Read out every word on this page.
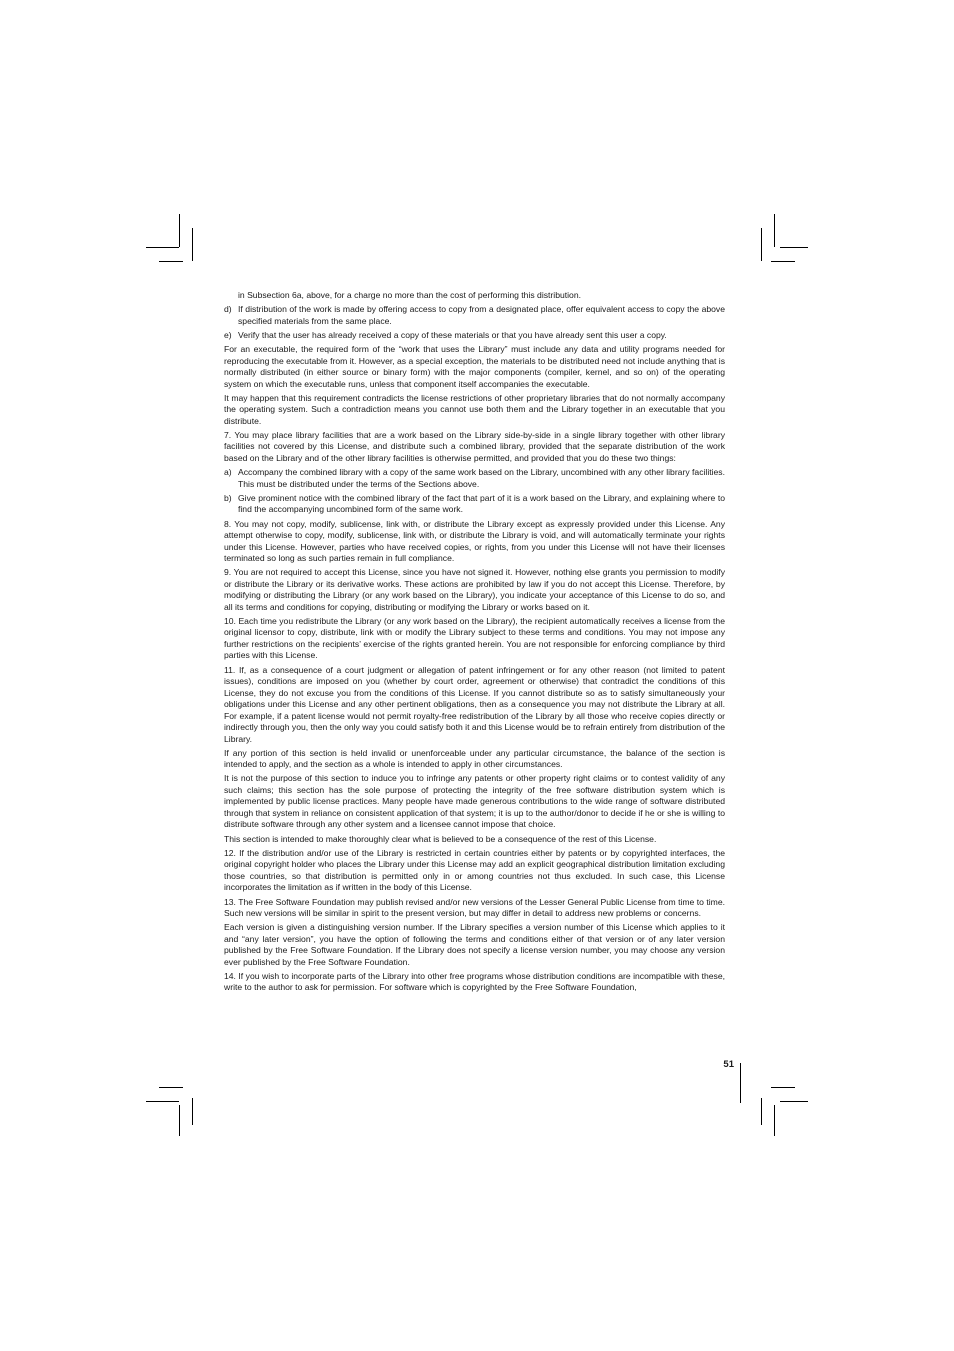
in Subsection 6a, above, for a charge no more than the cost of performing this distribution.

d) If distribution of the work is made by offering access to copy from a designated place, offer equivalent access to copy the above specified materials from the same place.
e) Verify that the user has already received a copy of these materials or that you have already sent this user a copy.

For an executable, the required form of the “work that uses the Library” must include any data and utility programs needed for reproducing the executable from it. However, as a special exception, the materials to be distributed need not include anything that is normally distributed (in either source or binary form) with the major components (compiler, kernel, and so on) of the operating system on which the executable runs, unless that component itself accompanies the executable.

It may happen that this requirement contradicts the license restrictions of other proprietary libraries that do not normally accompany the operating system. Such a contradiction means you cannot use both them and the Library together in an executable that you distribute.

7. You may place library facilities that are a work based on the Library side-by-side in a single library together with other library facilities not covered by this License, and distribute such a combined library, provided that the separate distribution of the work based on the Library and of the other library facilities is otherwise permitted, and provided that you do these two things:

a) Accompany the combined library with a copy of the same work based on the Library, uncombined with any other library facilities. This must be distributed under the terms of the Sections above.
b) Give prominent notice with the combined library of the fact that part of it is a work based on the Library, and explaining where to find the accompanying uncombined form of the same work.

8. You may not copy, modify, sublicense, link with, or distribute the Library except as expressly provided under this License. Any attempt otherwise to copy, modify, sublicense, link with, or distribute the Library is void, and will automatically terminate your rights under this License. However, parties who have received copies, or rights, from you under this License will not have their licenses terminated so long as such parties remain in full compliance.

9. You are not required to accept this License, since you have not signed it. However, nothing else grants you permission to modify or distribute the Library or its derivative works. These actions are prohibited by law if you do not accept this License. Therefore, by modifying or distributing the Library (or any work based on the Library), you indicate your acceptance of this License to do so, and all its terms and conditions for copying, distributing or modifying the Library or works based on it.

10. Each time you redistribute the Library (or any work based on the Library), the recipient automatically receives a license from the original licensor to copy, distribute, link with or modify the Library subject to these terms and conditions. You may not impose any further restrictions on the recipients’ exercise of the rights granted herein. You are not responsible for enforcing compliance by third parties with this License.

11. If, as a consequence of a court judgment or allegation of patent infringement or for any other reason (not limited to patent issues), conditions are imposed on you (whether by court order, agreement or otherwise) that contradict the conditions of this License, they do not excuse you from the conditions of this License. If you cannot distribute so as to satisfy simultaneously your obligations under this License and any other pertinent obligations, then as a consequence you may not distribute the Library at all. For example, if a patent license would not permit royalty-free redistribution of the Library by all those who receive copies directly or indirectly through you, then the only way you could satisfy both it and this License would be to refrain entirely from distribution of the Library.

If any portion of this section is held invalid or unenforceable under any particular circumstance, the balance of the section is intended to apply, and the section as a whole is intended to apply in other circumstances.

It is not the purpose of this section to induce you to infringe any patents or other property right claims or to contest validity of any such claims; this section has the sole purpose of protecting the integrity of the free software distribution system which is implemented by public license practices. Many people have made generous contributions to the wide range of software distributed through that system in reliance on consistent application of that system; it is up to the author/donor to decide if he or she is willing to distribute software through any other system and a licensee cannot impose that choice.

This section is intended to make thoroughly clear what is believed to be a consequence of the rest of this License.

12. If the distribution and/or use of the Library is restricted in certain countries either by patents or by copyrighted interfaces, the original copyright holder who places the Library under this License may add an explicit geographical distribution limitation excluding those countries, so that distribution is permitted only in or among countries not thus excluded. In such case, this License incorporates the limitation as if written in the body of this License.

13. The Free Software Foundation may publish revised and/or new versions of the Lesser General Public License from time to time. Such new versions will be similar in spirit to the present version, but may differ in detail to address new problems or concerns.

Each version is given a distinguishing version number. If the Library specifies a version number of this License which applies to it and “any later version”, you have the option of following the terms and conditions either of that version or of any later version published by the Free Software Foundation. If the Library does not specify a license version number, you may choose any version ever published by the Free Software Foundation.

14. If you wish to incorporate parts of the Library into other free programs whose distribution conditions are incompatible with these, write to the author to ask for permission. For software which is copyrighted by the Free Software Foundation,

51
